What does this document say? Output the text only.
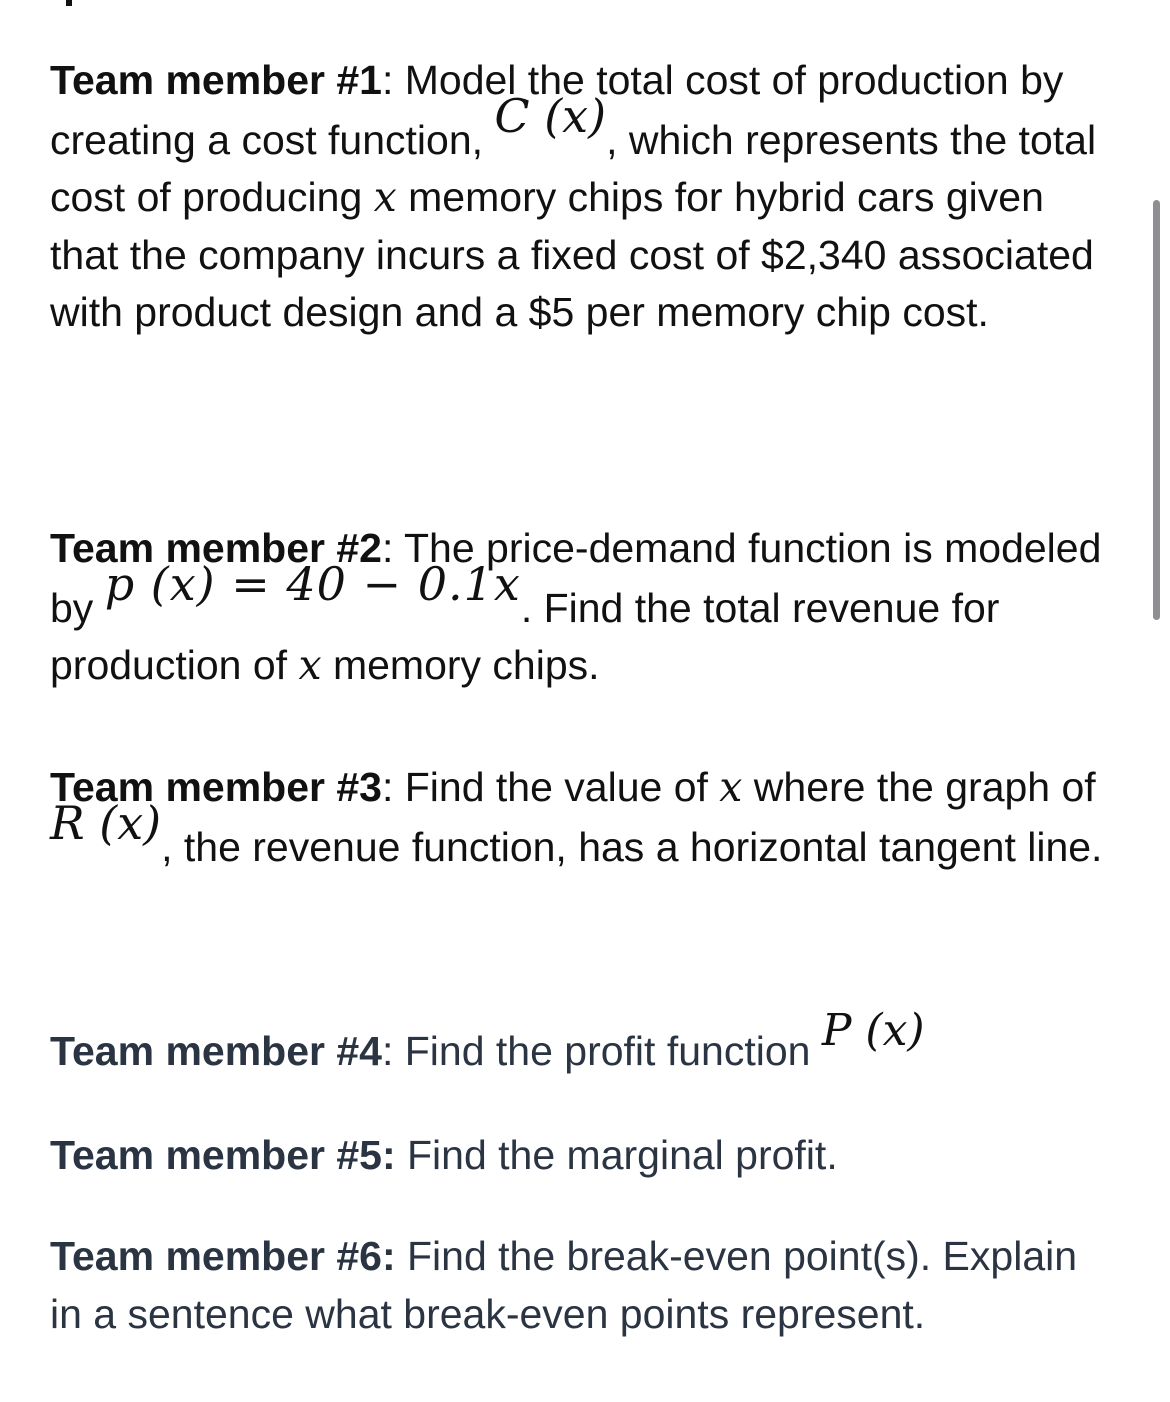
Team member #1: Model the total cost of production by creating a cost function, C (x), which represents the total cost of producing x memory chips for hybrid cars given that the company incurs a fixed cost of $2,340 associated with product design and a $5 per memory chip cost.

Team member #2: The price-demand function is modeled by p (x) = 40 − 0.1x. Find the total revenue for production of x memory chips.

Team member #3: Find the value of x where the graph of R (x), the revenue function, has a horizontal tangent line.

Team member #4: Find the profit function P (x)

Team member #5: Find the marginal profit.

Team member #6: Find the break-even point(s). Explain in a sentence what break-even points represent.
